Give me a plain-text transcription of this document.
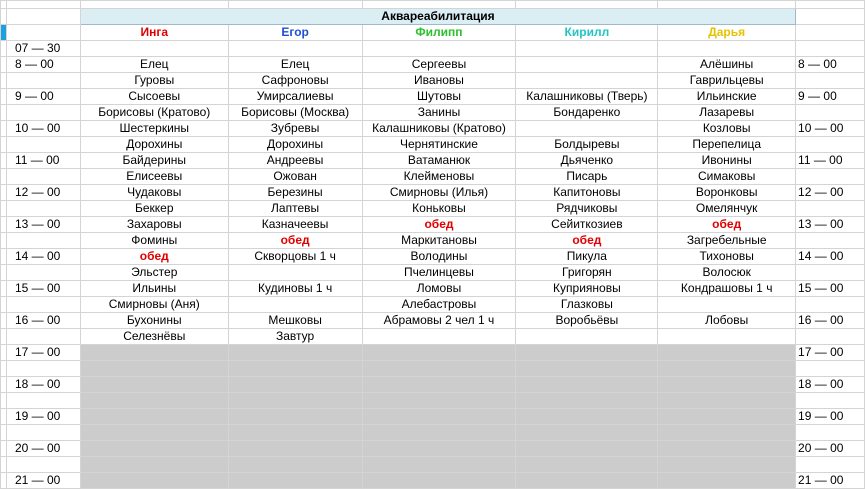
		Аквареабилитация					
		Инга	Егор	Филипп	Кирилл	Дарья	
	07 — 30						
	8 — 00	Елец	Елец	Сергеевы		Алёшины	8 — 00
		Гуровы	Сафроновы	Ивановы		Гаврильцевы	
	9 — 00	Сысоевы	Умирсалиевы	Шутовы	Калашниковы (Тверь)	Ильинские	9 — 00
		Борисовы (Кратово)	Борисовы (Москва)	Занины	Бондаренко	Лазаревы	
	10 — 00	Шестеркины	Зубревы	Калашниковы (Кратово)		Козловы	10 — 00
		Дорохины	Дорохины	Чернятинские	Болдыревы	Перепелица	
	11 — 00	Байдерины	Андреевы	Ватаманюк	Дьяченко	Ивонины	11 — 00
		Елисеевы	Ожован	Клейменовы	Писарь	Симаковы	
	12 — 00	Чудаковы	Березины	Смирновы (Илья)	Капитоновы	Воронковы	12 — 00
		Беккер	Лаптевы	Коньковы	Рядчиковы	Омелянчук	
	13 — 00	Захаровы	Казначеевы	обед	Сейиткозиев	обед	13 — 00
		Фомины	обед	Маркитановы	обед	Загребельные	
	14 — 00	обед	Скворцовы 1 ч	Володины	Пикула	Тихоновы	14 — 00
		Эльстер		Пчелинцевы	Григорян	Волосюк	
	15 — 00	Ильины	Кудиновы 1 ч	Ломовы	Куприяновы	Кондрашовы 1 ч	15 — 00
		Смирновы (Аня)		Алебастровы	Глазковы		
	16 — 00	Бухонины	Мешковы	Абрамовы 2 чел 1 ч	Воробьёвы	Лобовы	16 — 00
		Селезнёвы	Завтур				
	17 — 00						17 — 00

	18 — 00						18 — 00

	19 — 00						19 — 00

	20 — 00						20 — 00

	21 — 00						21 — 00
